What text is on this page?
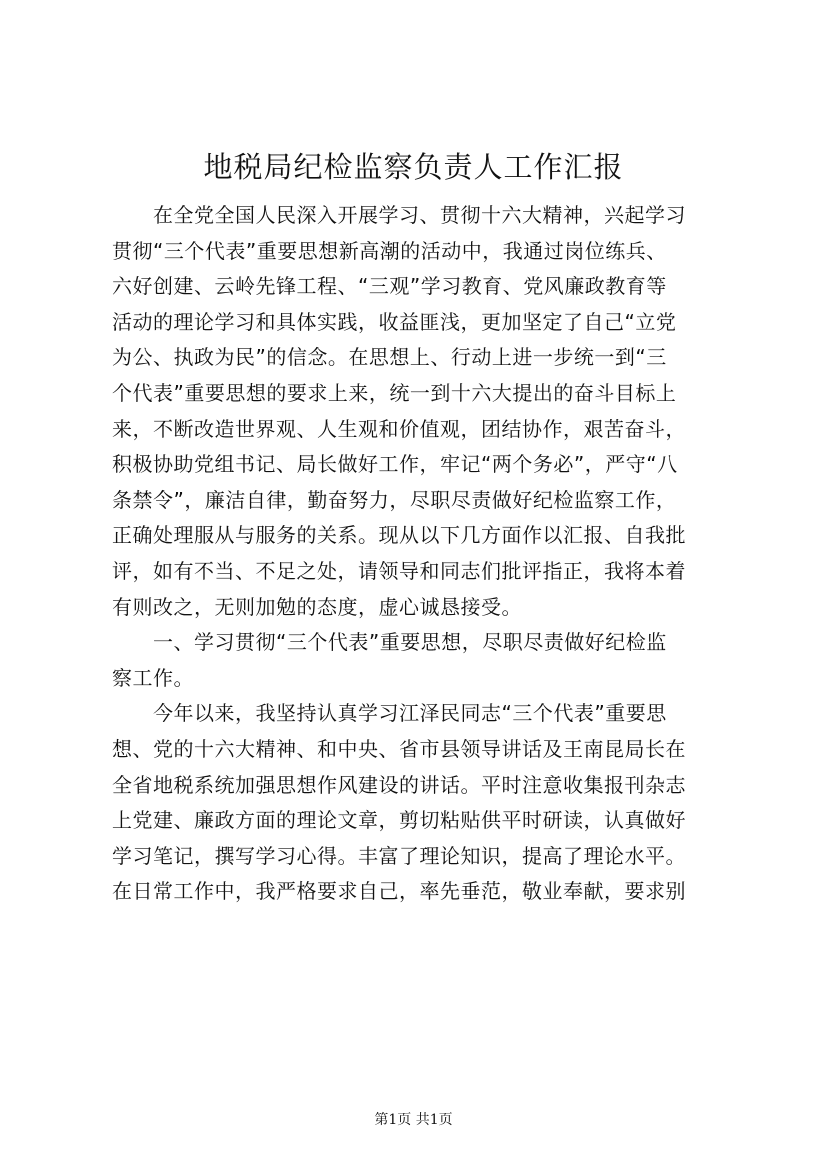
地税局纪检监察负责人工作汇报
　　在全党全国人民深入开展学习、贯彻十六大精神，兴起学习
贯彻“三个代表”重要思想新高潮的活动中，我通过岗位练兵、
六好创建、云岭先锋工程、“三观”学习教育、党风廉政教育等
活动的理论学习和具体实践，收益匪浅，更加坚定了自己“立党
为公、执政为民”的信念。在思想上、行动上进一步统一到“三
个代表”重要思想的要求上来，统一到十六大提出的奋斗目标上
来，不断改造世界观、人生观和价值观，团结协作，艰苦奋斗，
积极协助党组书记、局长做好工作，牢记“两个务必”，严守“八
条禁令”，廉洁自律，勤奋努力，尽职尽责做好纪检监察工作，
正确处理服从与服务的关系。现从以下几方面作以汇报、自我批
评，如有不当、不足之处，请领导和同志们批评指正，我将本着
有则改之，无则加勉的态度，虚心诚恳接受。
　　一、学习贯彻“三个代表”重要思想，尽职尽责做好纪检监
察工作。
　　今年以来，我坚持认真学习江泽民同志“三个代表”重要思
想、党的十六大精神、和中央、省市县领导讲话及王南昆局长在
全省地税系统加强思想作风建设的讲话。平时注意收集报刊杂志
上党建、廉政方面的理论文章，剪切粘贴供平时研读，认真做好
学习笔记，撰写学习心得。丰富了理论知识，提高了理论水平。
在日常工作中，我严格要求自己，率先垂范，敬业奉献，要求别
第1页 共1页
